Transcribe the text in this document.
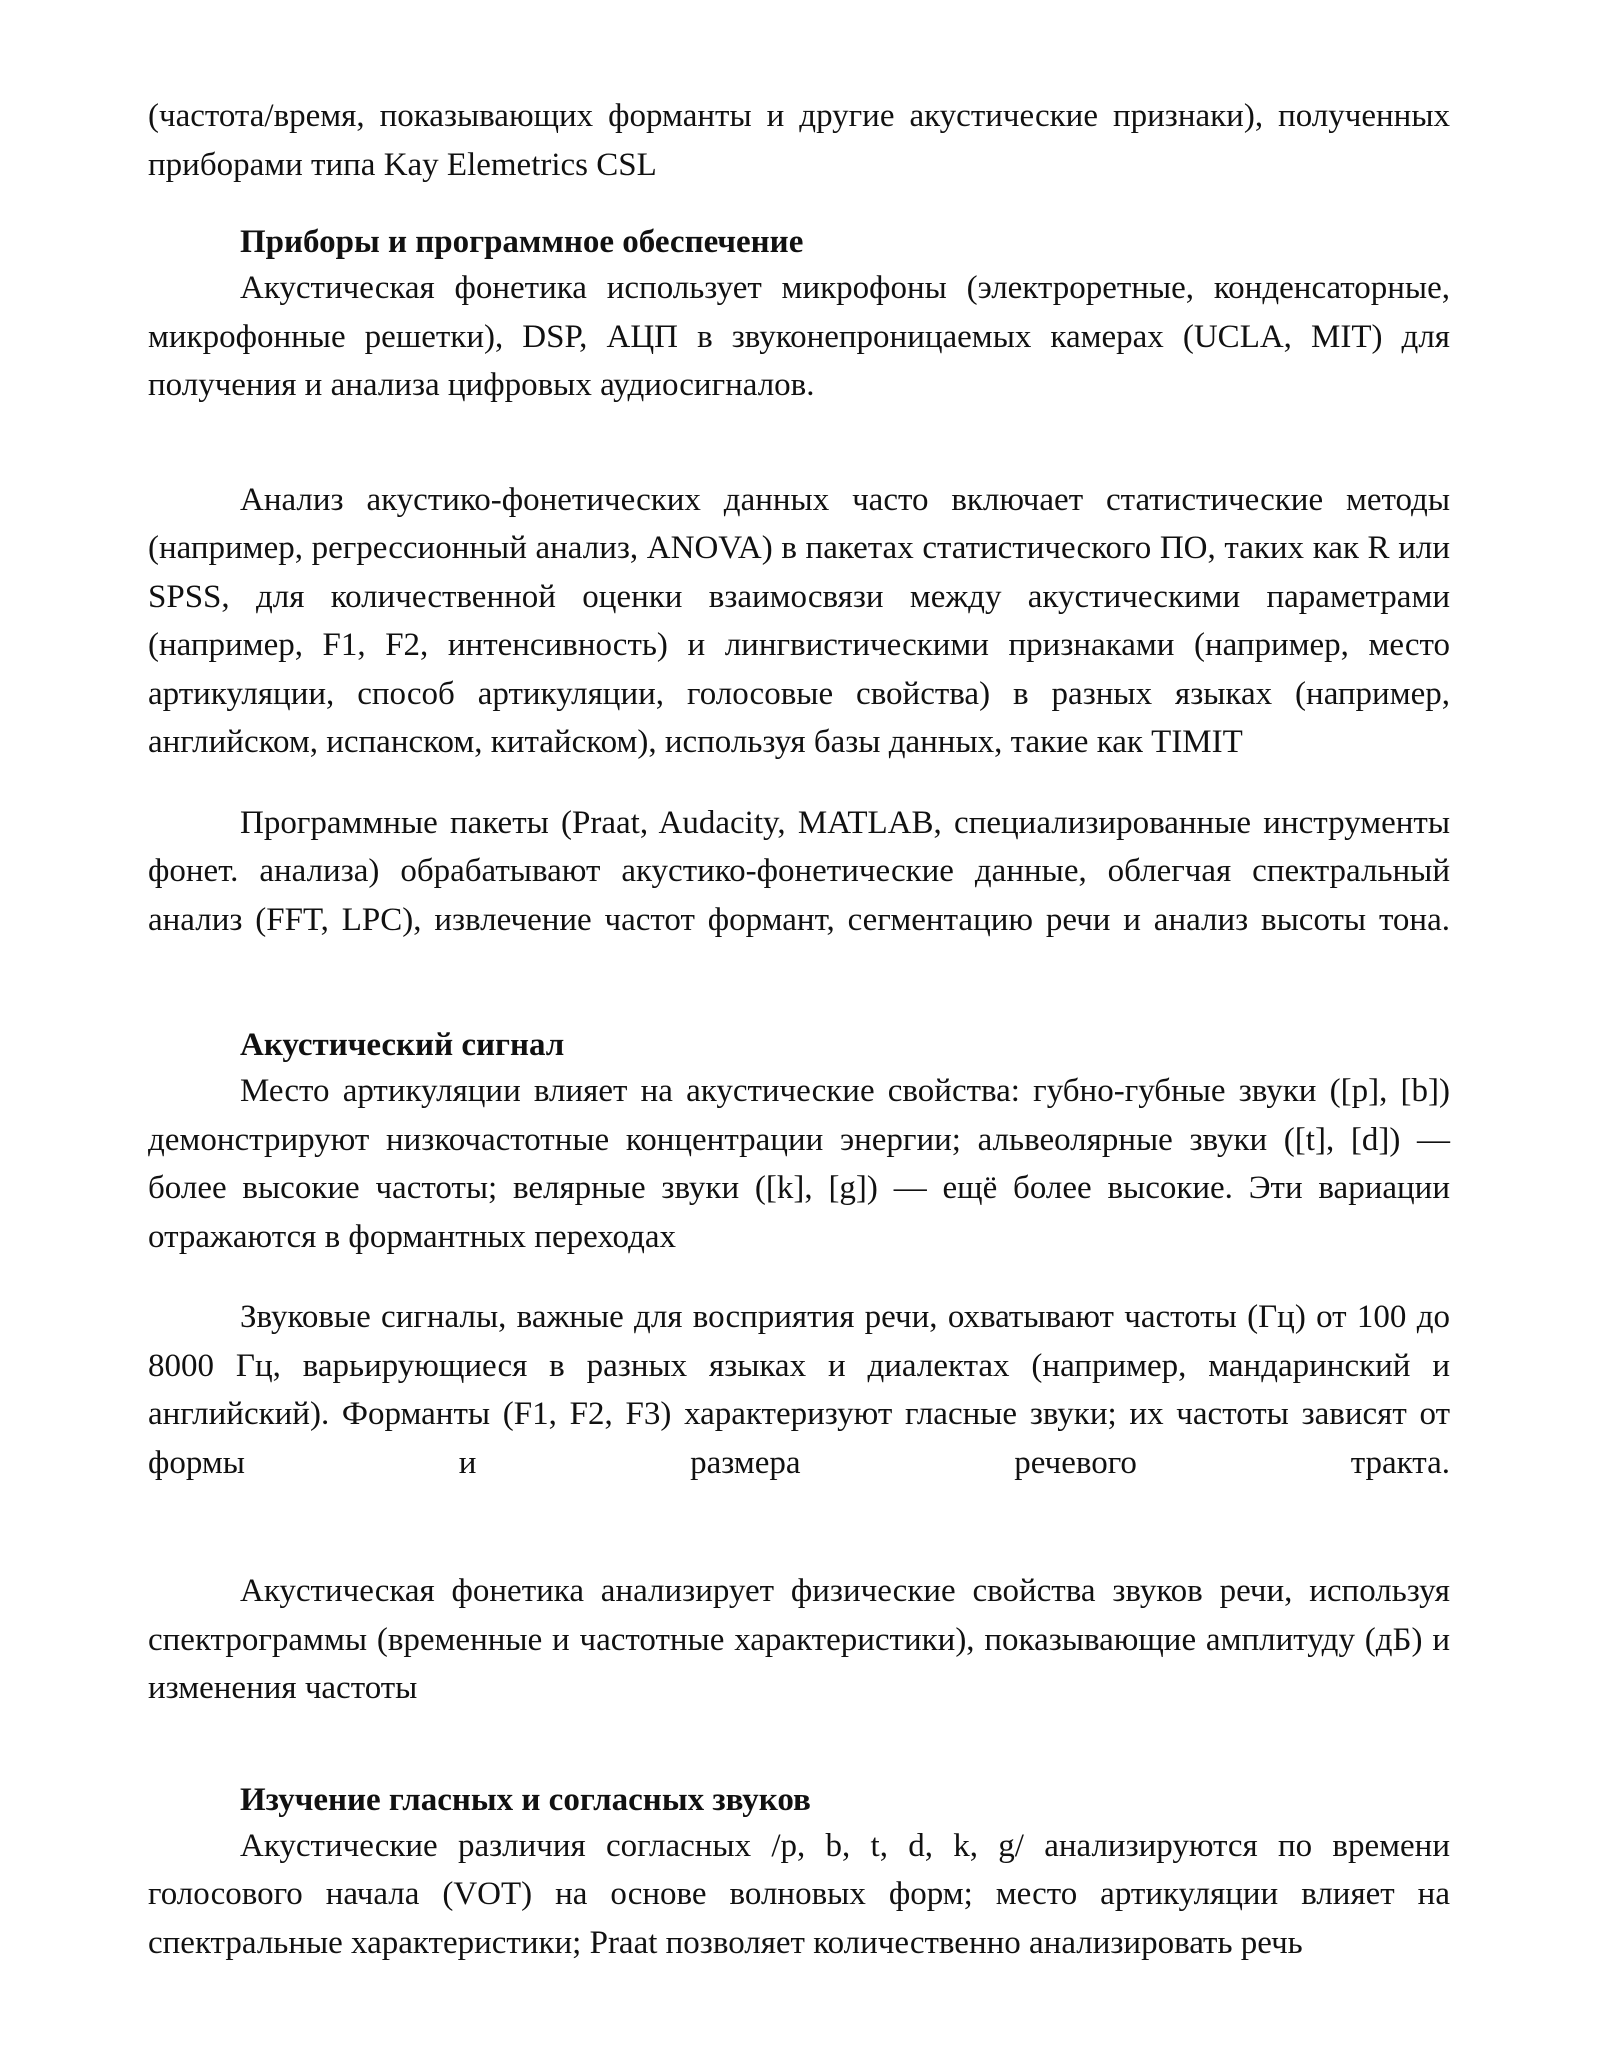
(частота/время, показывающих форманты и другие акустические признаки), полученных приборами типа Kay Elemetrics CSL

Приборы и программное обеспечение

Акустическая фонетика использует микрофоны (электроретные, конденсаторные, микрофонные решетки), DSP, АЦП в звуконепроницаемых камерах (UCLA, MIT) для получения и анализа цифровых аудиосигналов.

Анализ акустико-фонетических данных часто включает статистические методы (например, регрессионный анализ, ANOVA) в пакетах статистического ПО, таких как R или SPSS, для количественной оценки взаимосвязи между акустическими параметрами (например, F1, F2, интенсивность) и лингвистическими признаками (например, место артикуляции, способ артикуляции, голосовые свойства) в разных языках (например, английском, испанском, китайском), используя базы данных, такие как TIMIT

Программные пакеты (Praat, Audacity, MATLAB, специализированные инструменты фонет. анализа) обрабатывают акустико-фонетические данные, облегчая спектральный анализ (FFT, LPC), извлечение частот формант, сегментацию речи и анализ высоты тона.

Акустический сигнал

Место артикуляции влияет на акустические свойства: губно-губные звуки ([p], [b]) демонстрируют низкочастотные концентрации энергии; альвеолярные звуки ([t], [d]) — более высокие частоты; велярные звуки ([k], [g]) — ещё более высокие. Эти вариации отражаются в формантных переходах

Звуковые сигналы, важные для восприятия речи, охватывают частоты (Гц) от 100 до 8000 Гц, варьирующиеся в разных языках и диалектах (например, мандаринский и английский). Форманты (F1, F2, F3) характеризуют гласные звуки; их частоты зависят от формы и размера речевого тракта.

Акустическая фонетика анализирует физические свойства звуков речи, используя спектрограммы (временные и частотные характеристики), показывающие амплитуду (дБ) и изменения частоты

Изучение гласных и согласных звуков

Акустические различия согласных /p, b, t, d, k, g/ анализируются по времени голосового начала (VOT) на основе волновых форм; место артикуляции влияет на спектральные характеристики; Praat позволяет количественно анализировать речь
